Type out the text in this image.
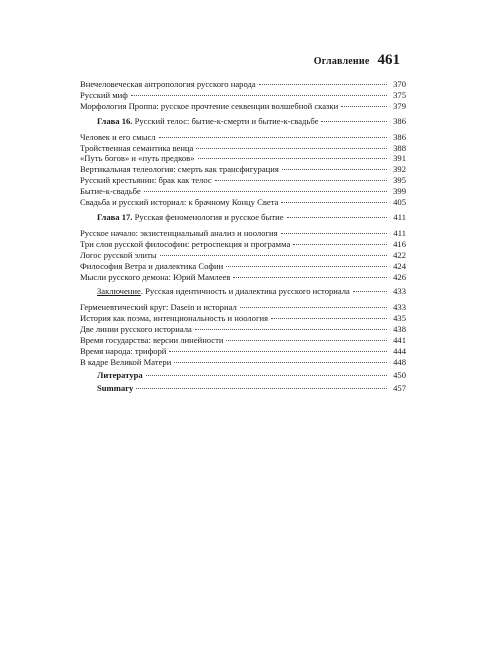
Оглавление 461
Внечеловеческая антропология русского народа	370
Русский миф	375
Морфология Проппа: русское прочтение секвенции волшебной сказки	379
Глава 16. Русский телос: бытие-к-смерти и бытие-к-свадьбе	386
Человек и его смысл	386
Тройственная семантика венца	388
«Путь богов» и «путь предков»	391
Вертикальная телеология: смерть как трансфигурация	392
Русский крестьянин: брак как телос	395
Бытие-к-свадьбе	399
Свадьба и русский историал: к брачному Концу Света	405
Глава 17. Русская феноменология и русское бытие	411
Русское начало: экзистенциальный анализ и ноология	411
Три слоя русской философии: ретроспекция и программа	416
Логос русской элиты	422
Философия Ветра и диалектика Софии	424
Мысли русского демона: Юрий Мамлеев	426
Заключение. Русская идентичность и диалектика русского историала	433
Герменевтический круг: Dasein и историал	433
История как поэма, интенциональность и ноология	435
Две линии русского историала	438
Время государства: версии линейности	441
Время народа: трифорй	444
В кадре Великой Матери	448
Литература	450
Summary	457
